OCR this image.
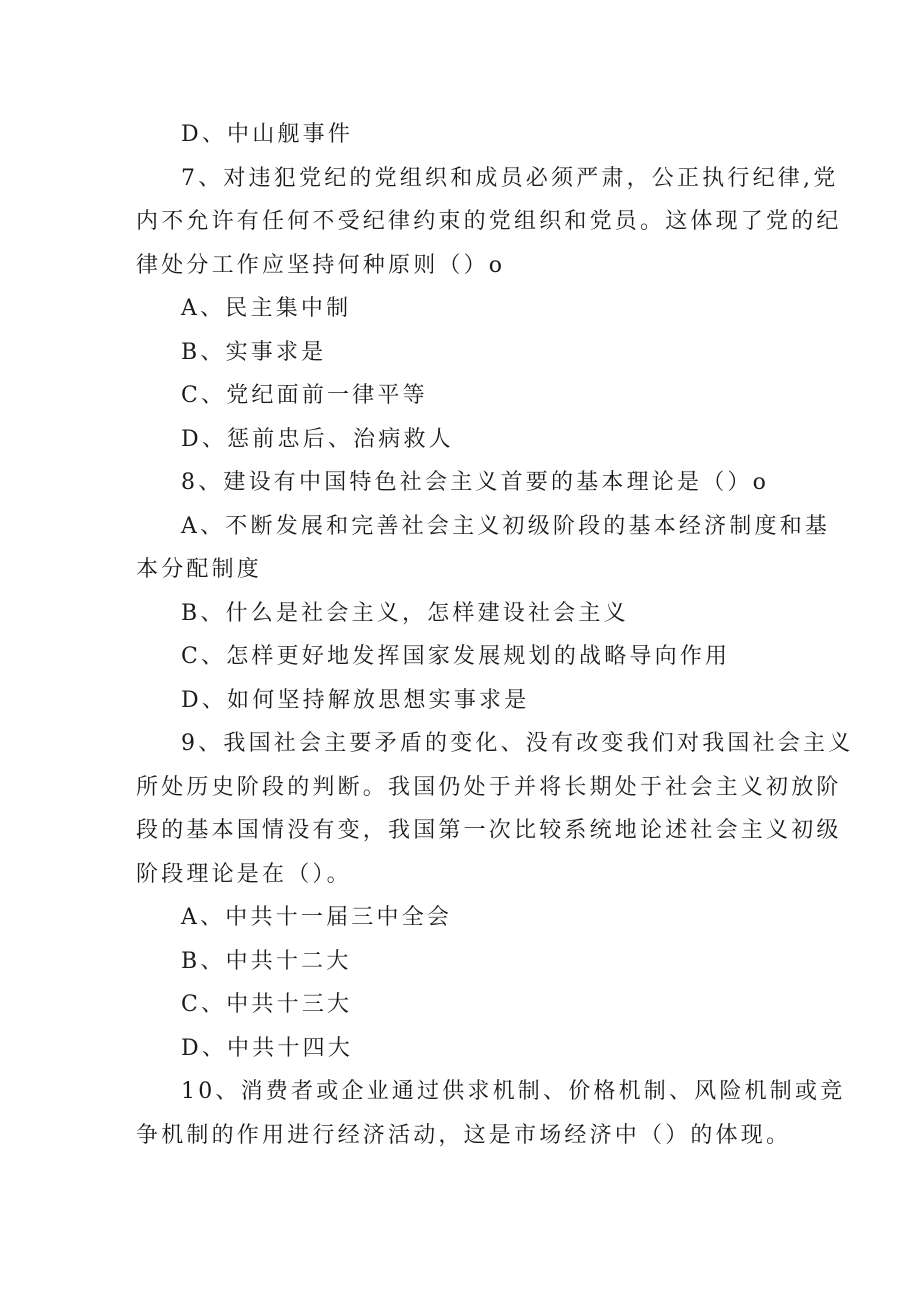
D、中山舰事件
7、对违犯党纪的党组织和成员必须严肃，公正执行纪律,党
内不允许有任何不受纪律约束的党组织和党员。这体现了党的纪
律处分工作应坚持何种原则（）o
A、民主集中制
B、实事求是
C、党纪面前一律平等
D、惩前忠后、治病救人
8、建设有中国特色社会主义首要的基本理论是（）o
A、不断发展和完善社会主义初级阶段的基本经济制度和基
本分配制度
B、什么是社会主义，怎样建设社会主义
C、怎样更好地发挥国家发展规划的战略导向作用
D、如何坚持解放思想实事求是
9、我国社会主要矛盾的变化、没有改变我们对我国社会主义
所处历史阶段的判断。我国仍处于并将长期处于社会主义初放阶
段的基本国情没有变，我国第一次比较系统地论述社会主义初级
阶段理论是在（）。
A、中共十一届三中全会
B、中共十二大
C、中共十三大
D、中共十四大
10、消费者或企业通过供求机制、价格机制、风险机制或竞
争机制的作用进行经济活动，这是市场经济中（）的体现。
